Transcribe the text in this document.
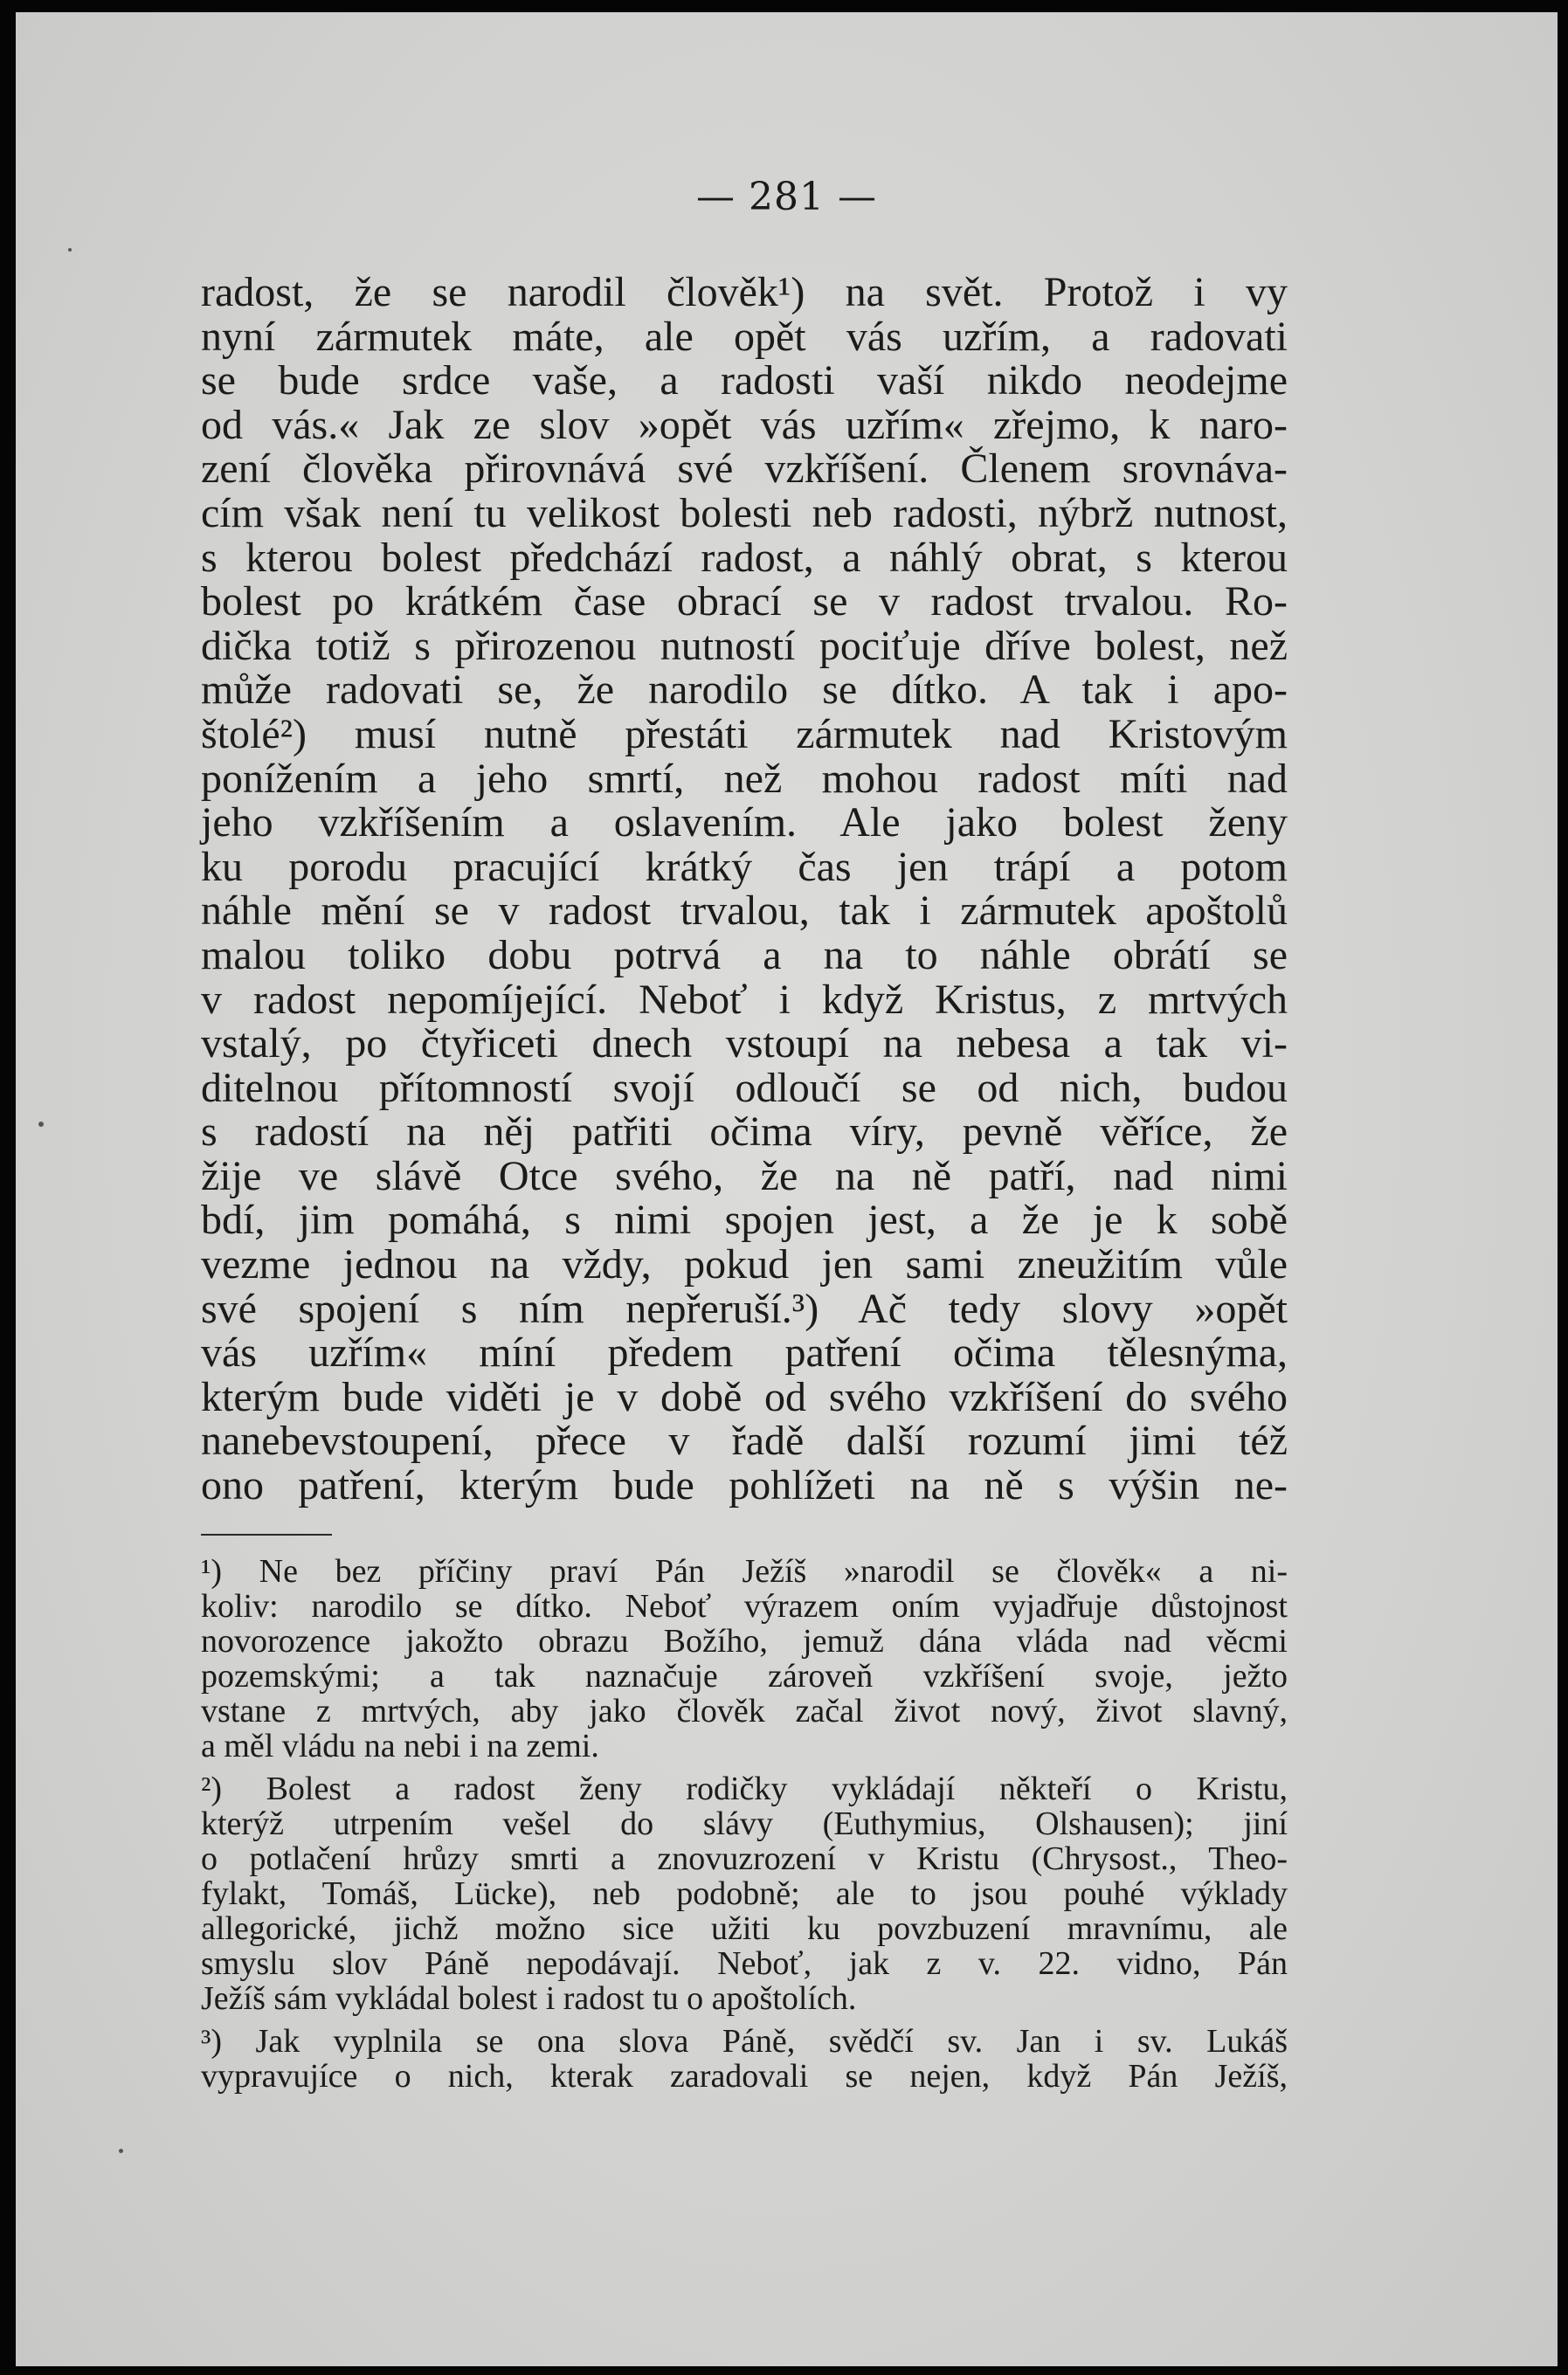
— 281 —
radost, že se narodil člověk¹) na svět. Protož i vy
nyní zármutek máte, ale opět vás uzřím, a radovati
se bude srdce vaše, a radosti vaší nikdo neodejme
od vás.« Jak ze slov »opět vás uzřím« zřejmo, k naro-
zení člověka přirovnává své vzkříšení. Členem srovnáva-
cím však není tu velikost bolesti neb radosti, nýbrž nutnost,
s kterou bolest předchází radost, a náhlý obrat, s kterou
bolest po krátkém čase obrací se v radost trvalou. Ro-
dička totiž s přirozenou nutností pociťuje dříve bolest, než
může radovati se, že narodilo se dítko. A tak i apo-
štolé²) musí nutně přestáti zármutek nad Kristovým
ponížením a jeho smrtí, než mohou radost míti nad
jeho vzkříšením a oslavením. Ale jako bolest ženy
ku porodu pracující krátký čas jen trápí a potom
náhle mění se v radost trvalou, tak i zármutek apoštolů
malou toliko dobu potrvá a na to náhle obrátí se
v radost nepomíjející. Neboť i když Kristus, z mrtvých
vstalý, po čtyřiceti dnech vstoupí na nebesa a tak vi-
ditelnou přítomností svojí odloučí se od nich, budou
s radostí na něj patřiti očima víry, pevně věříce, že
žije ve slávě Otce svého, že na ně patří, nad nimi
bdí, jim pomáhá, s nimi spojen jest, a že je k sobě
vezme jednou na vždy, pokud jen sami zneužitím vůle
své spojení s ním nepřeruší.³) Ač tedy slovy »opět
vás uzřím« míní předem patření očima tělesnýma,
kterým bude viděti je v době od svého vzkříšení do svého
nanebevstoupení, přece v řadě další rozumí jimi též
ono patření, kterým bude pohlížeti na ně s výšin ne-
¹) Ne bez příčiny praví Pán Ježíš »narodil se člověk« a ni-
koliv: narodilo se dítko. Neboť výrazem oním vyjadřuje důstojnost
novorozence jakožto obrazu Božího, jemuž dána vláda nad věcmi
pozemskými; a tak naznačuje zároveň vzkříšení svoje, ježto
vstane z mrtvých, aby jako člověk začal život nový, život slavný,
a měl vládu na nebi i na zemi.
²) Bolest a radost ženy rodičky vykládají někteří o Kristu,
kterýž utrpením vešel do slávy (Euthymius, Olshausen); jiní
o potlačení hrůzy smrti a znovuzrození v Kristu (Chrysost., Theo-
fylakt, Tomáš, Lücke), neb podobně; ale to jsou pouhé výklady
allegorické, jichž možno sice užiti ku povzbuzení mravnímu, ale
smyslu slov Páně nepodávají. Neboť, jak z v. 22. vidno, Pán
Ježíš sám vykládal bolest i radost tu o apoštolích.
³) Jak vyplnila se ona slova Páně, svědčí sv. Jan i sv. Lukáš
vypravujíce o nich, kterak zaradovali se nejen, když Pán Ježíš,
